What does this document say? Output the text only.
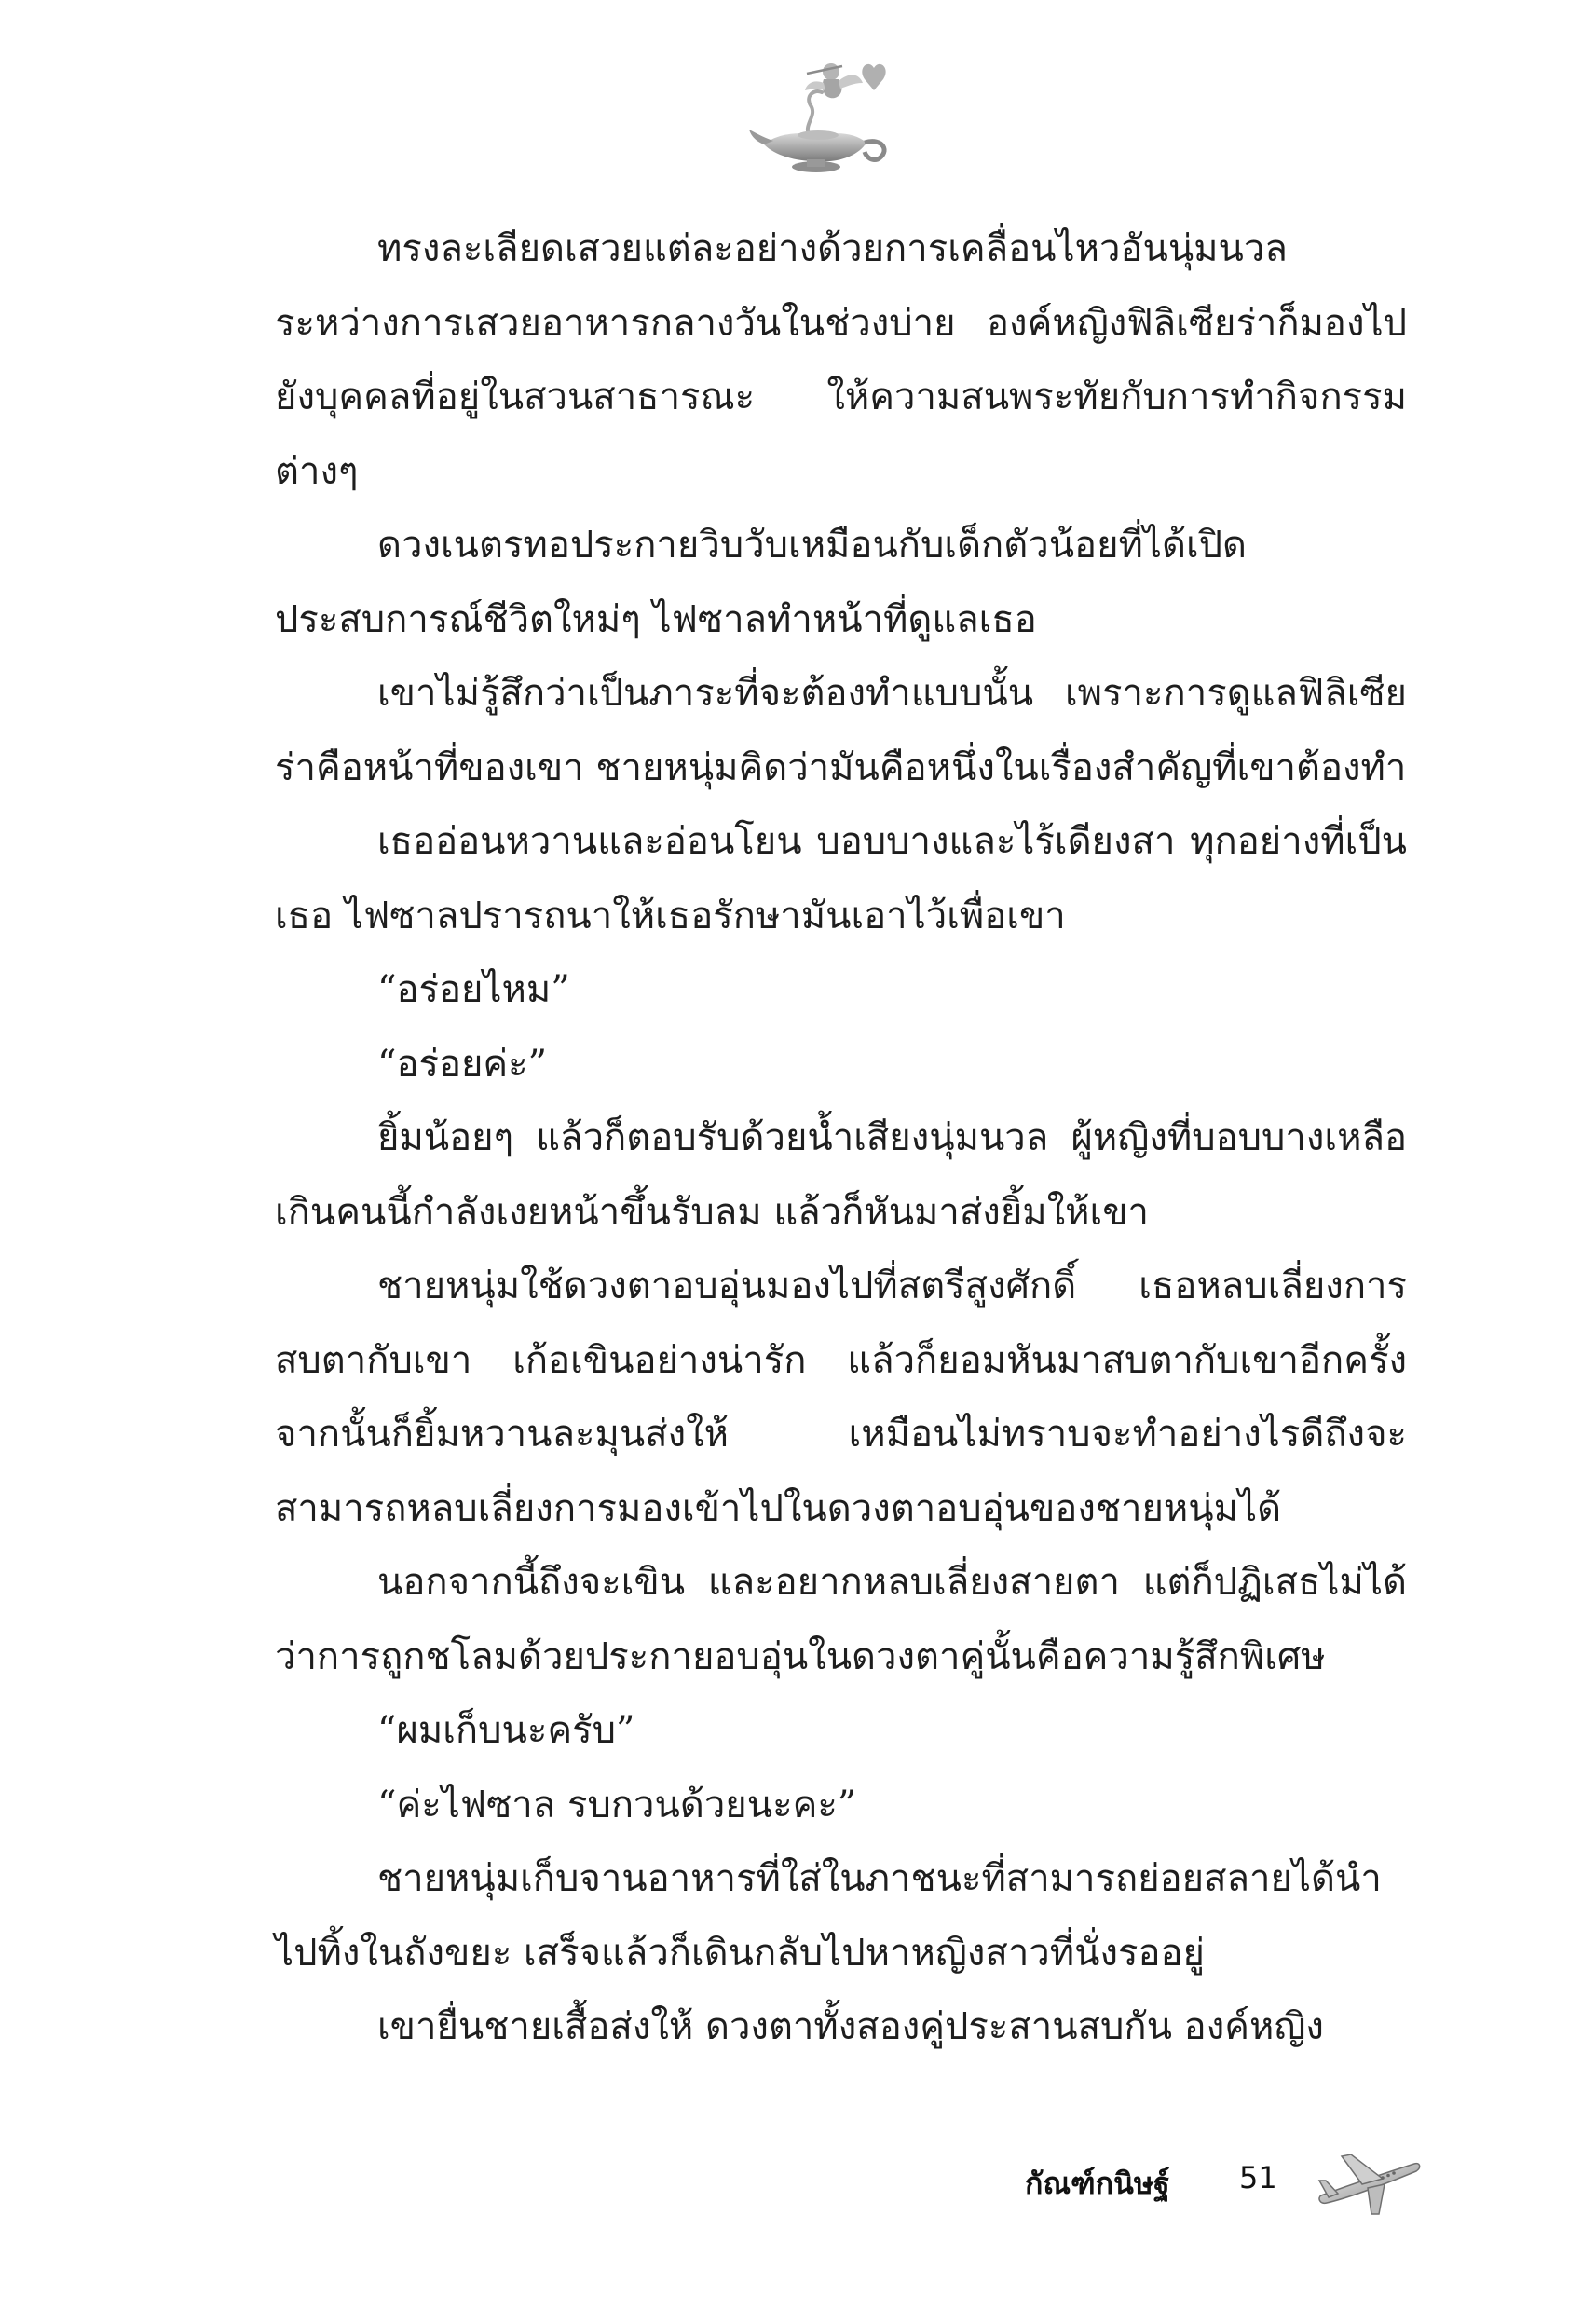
ทรงละเลียดเสวยแต่ละอย่างด้วยการเคลื่อนไหวอันนุ่มนวล ระหว่างการเสวยอาหารกลางวันในช่วงบ่าย องค์หญิงฟิลิเซียร่าก็มองไปยังบุคคลที่อยู่ในสวนสาธารณะ ให้ความสนพระทัยกับการทำกิจกรรมต่างๆ

ดวงเนตรทอประกายวิบวับเหมือนกับเด็กตัวน้อยที่ได้เปิดประสบการณ์ชีวิตใหม่ๆ ไฟซาลทำหน้าที่ดูแลเธอ

เขาไม่รู้สึกว่าเป็นภาระที่จะต้องทำแบบนั้น เพราะการดูแลฟิลิเซียร่าคือหน้าที่ของเขา ชายหนุ่มคิดว่ามันคือหนึ่งในเรื่องสำคัญที่เขาต้องทำ

เธออ่อนหวานและอ่อนโยน บอบบางและไร้เดียงสา ทุกอย่างที่เป็นเธอ ไฟซาลปรารถนาให้เธอรักษามันเอาไว้เพื่อเขา

“อร่อยไหม”

“อร่อยค่ะ”

ยิ้มน้อยๆ แล้วก็ตอบรับด้วยน้ำเสียงนุ่มนวล ผู้หญิงที่บอบบางเหลือเกินคนนี้กำลังเงยหน้าขึ้นรับลม แล้วก็หันมาส่งยิ้มให้เขา

ชายหนุ่มใช้ดวงตาอบอุ่นมองไปที่สตรีสูงศักดิ์ เธอหลบเลี่ยงการสบตากับเขา เก้อเขินอย่างน่ารัก แล้วก็ยอมหันมาสบตากับเขาอีกครั้ง จากนั้นก็ยิ้มหวานละมุนส่งให้ เหมือนไม่ทราบจะทำอย่างไรดีถึงจะสามารถหลบเลี่ยงการมองเข้าไปในดวงตาอบอุ่นของชายหนุ่มได้

นอกจากนี้ถึงจะเขิน และอยากหลบเลี่ยงสายตา แต่ก็ปฏิเสธไม่ได้ว่าการถูกชโลมด้วยประกายอบอุ่นในดวงตาคู่นั้นคือความรู้สึกพิเศษ

“ผมเก็บนะครับ”

“ค่ะไฟซาล รบกวนด้วยนะคะ”

ชายหนุ่มเก็บจานอาหารที่ใส่ในภาชนะที่สามารถย่อยสลายได้นำไปทิ้งในถังขยะ เสร็จแล้วก็เดินกลับไปหาหญิงสาวที่นั่งรออยู่

เขายื่นชายเสื้อส่งให้ ดวงตาทั้งสองคู่ประสานสบกัน องค์หญิง

กัณฑ์กนิษฐ์ 51
